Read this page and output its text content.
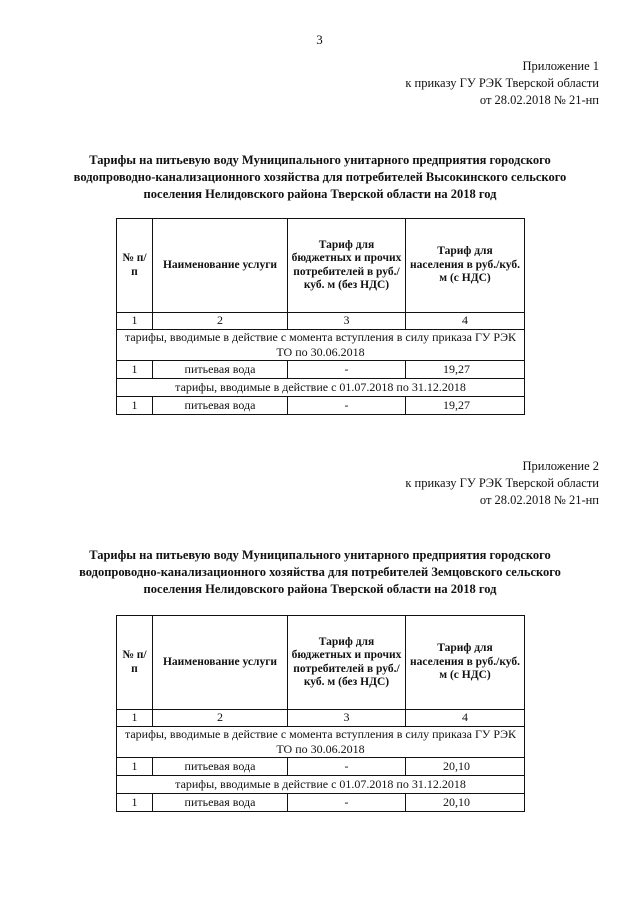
3
Приложение 1
к приказу ГУ РЭК Тверской области
от 28.02.2018 № 21-нп
Тарифы на питьевую воду Муниципального унитарного предприятия городского
водопроводно-канализационного хозяйства для потребителей Высокинского сельского
поселения Нелидовского района Тверской области на 2018 год
№ п/п	Наименование услуги	Тариф для бюджетных и прочих потребителей в руб./куб. м (без НДС)	Тариф для населения в руб./куб. м (с НДС)
1	2	3	4
тарифы, вводимые в действие с момента вступления в силу приказа ГУ РЭК ТО по 30.06.2018			
1	питьевая вода	-	19,27
тарифы, вводимые в действие с 01.07.2018 по 31.12.2018			
1	питьевая вода	-	19,27
Приложение 2
к приказу ГУ РЭК Тверской области
от 28.02.2018 № 21-нп
Тарифы на питьевую воду Муниципального унитарного предприятия городского
водопроводно-канализационного хозяйства для потребителей Земцовского сельского
поселения Нелидовского района Тверской области на 2018 год
№ п/п	Наименование услуги	Тариф для бюджетных и прочих потребителей в руб./куб. м (без НДС)	Тариф для населения в руб./куб. м (с НДС)
1	2	3	4
тарифы, вводимые в действие с момента вступления в силу приказа ГУ РЭК ТО по 30.06.2018			
1	питьевая вода	-	20,10
тарифы, вводимые в действие с 01.07.2018 по 31.12.2018			
1	питьевая вода	-	20,10
